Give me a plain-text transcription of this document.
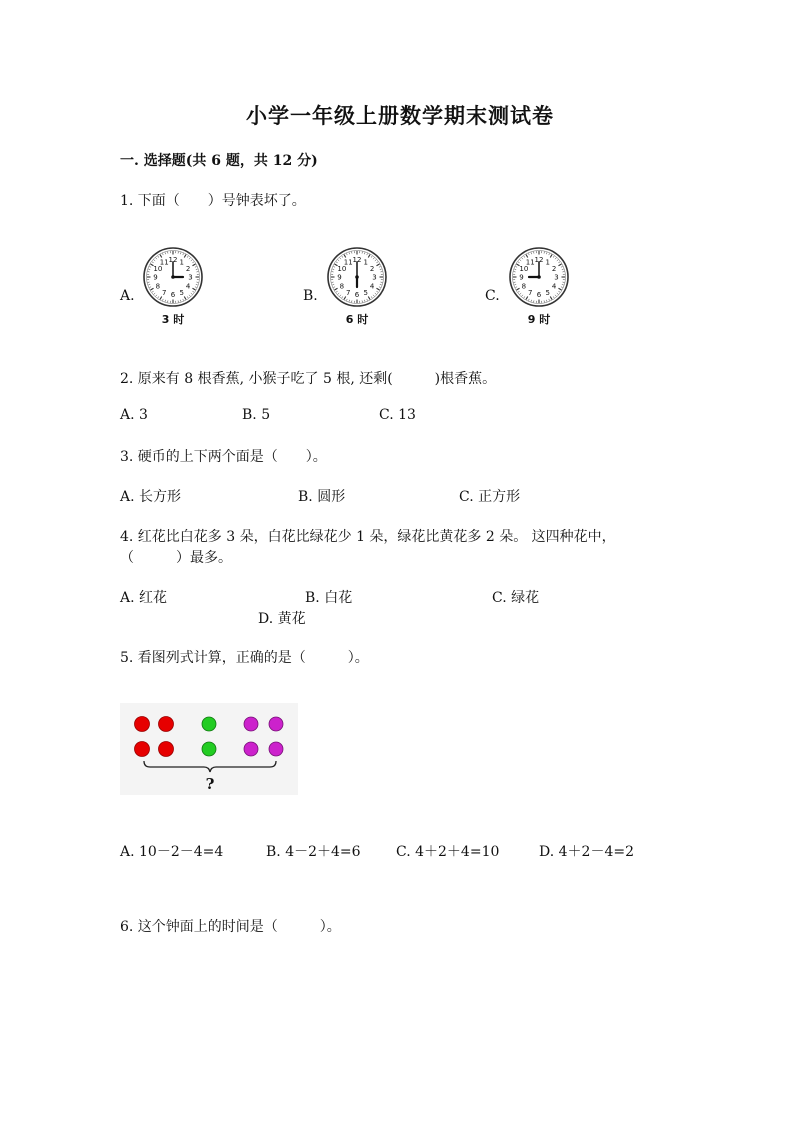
小学一年级上册数学期末测试卷
一. 选择题(共 6 题，共 12 分)
1. 下面（　　）号钟表坏了。
A.
1
2
3
4
5
6
7
8
9
10
11 12
3 时
B.
1
2
3
4
5
6
7
8
9
10
11 12
6 时
C.
1
2
3
4
5
6
7
8
9
10
11 12
9 时
2. 原来有 8 根香蕉, 小猴子吃了 5 根, 还剩(　　　)根香蕉。
A. 3	B. 5	C. 13
3. 硬币的上下两个面是（　　）。
A. 长方形	B. 圆形	C. 正方形
4. 红花比白花多 3 朵，白花比绿花少 1 朵，绿花比黄花多 2 朵。 这四种花中，
（　　　）最多。
A. 红花	B. 白花	C. 绿花
D. 黄花
5. 看图列式计算，正确的是（　　　）。
?
A. 10－2－4=4	B. 4－2＋4=6	C. 4＋2＋4=10	D. 4＋2－4=2
6. 这个钟面上的时间是（　　　）。
